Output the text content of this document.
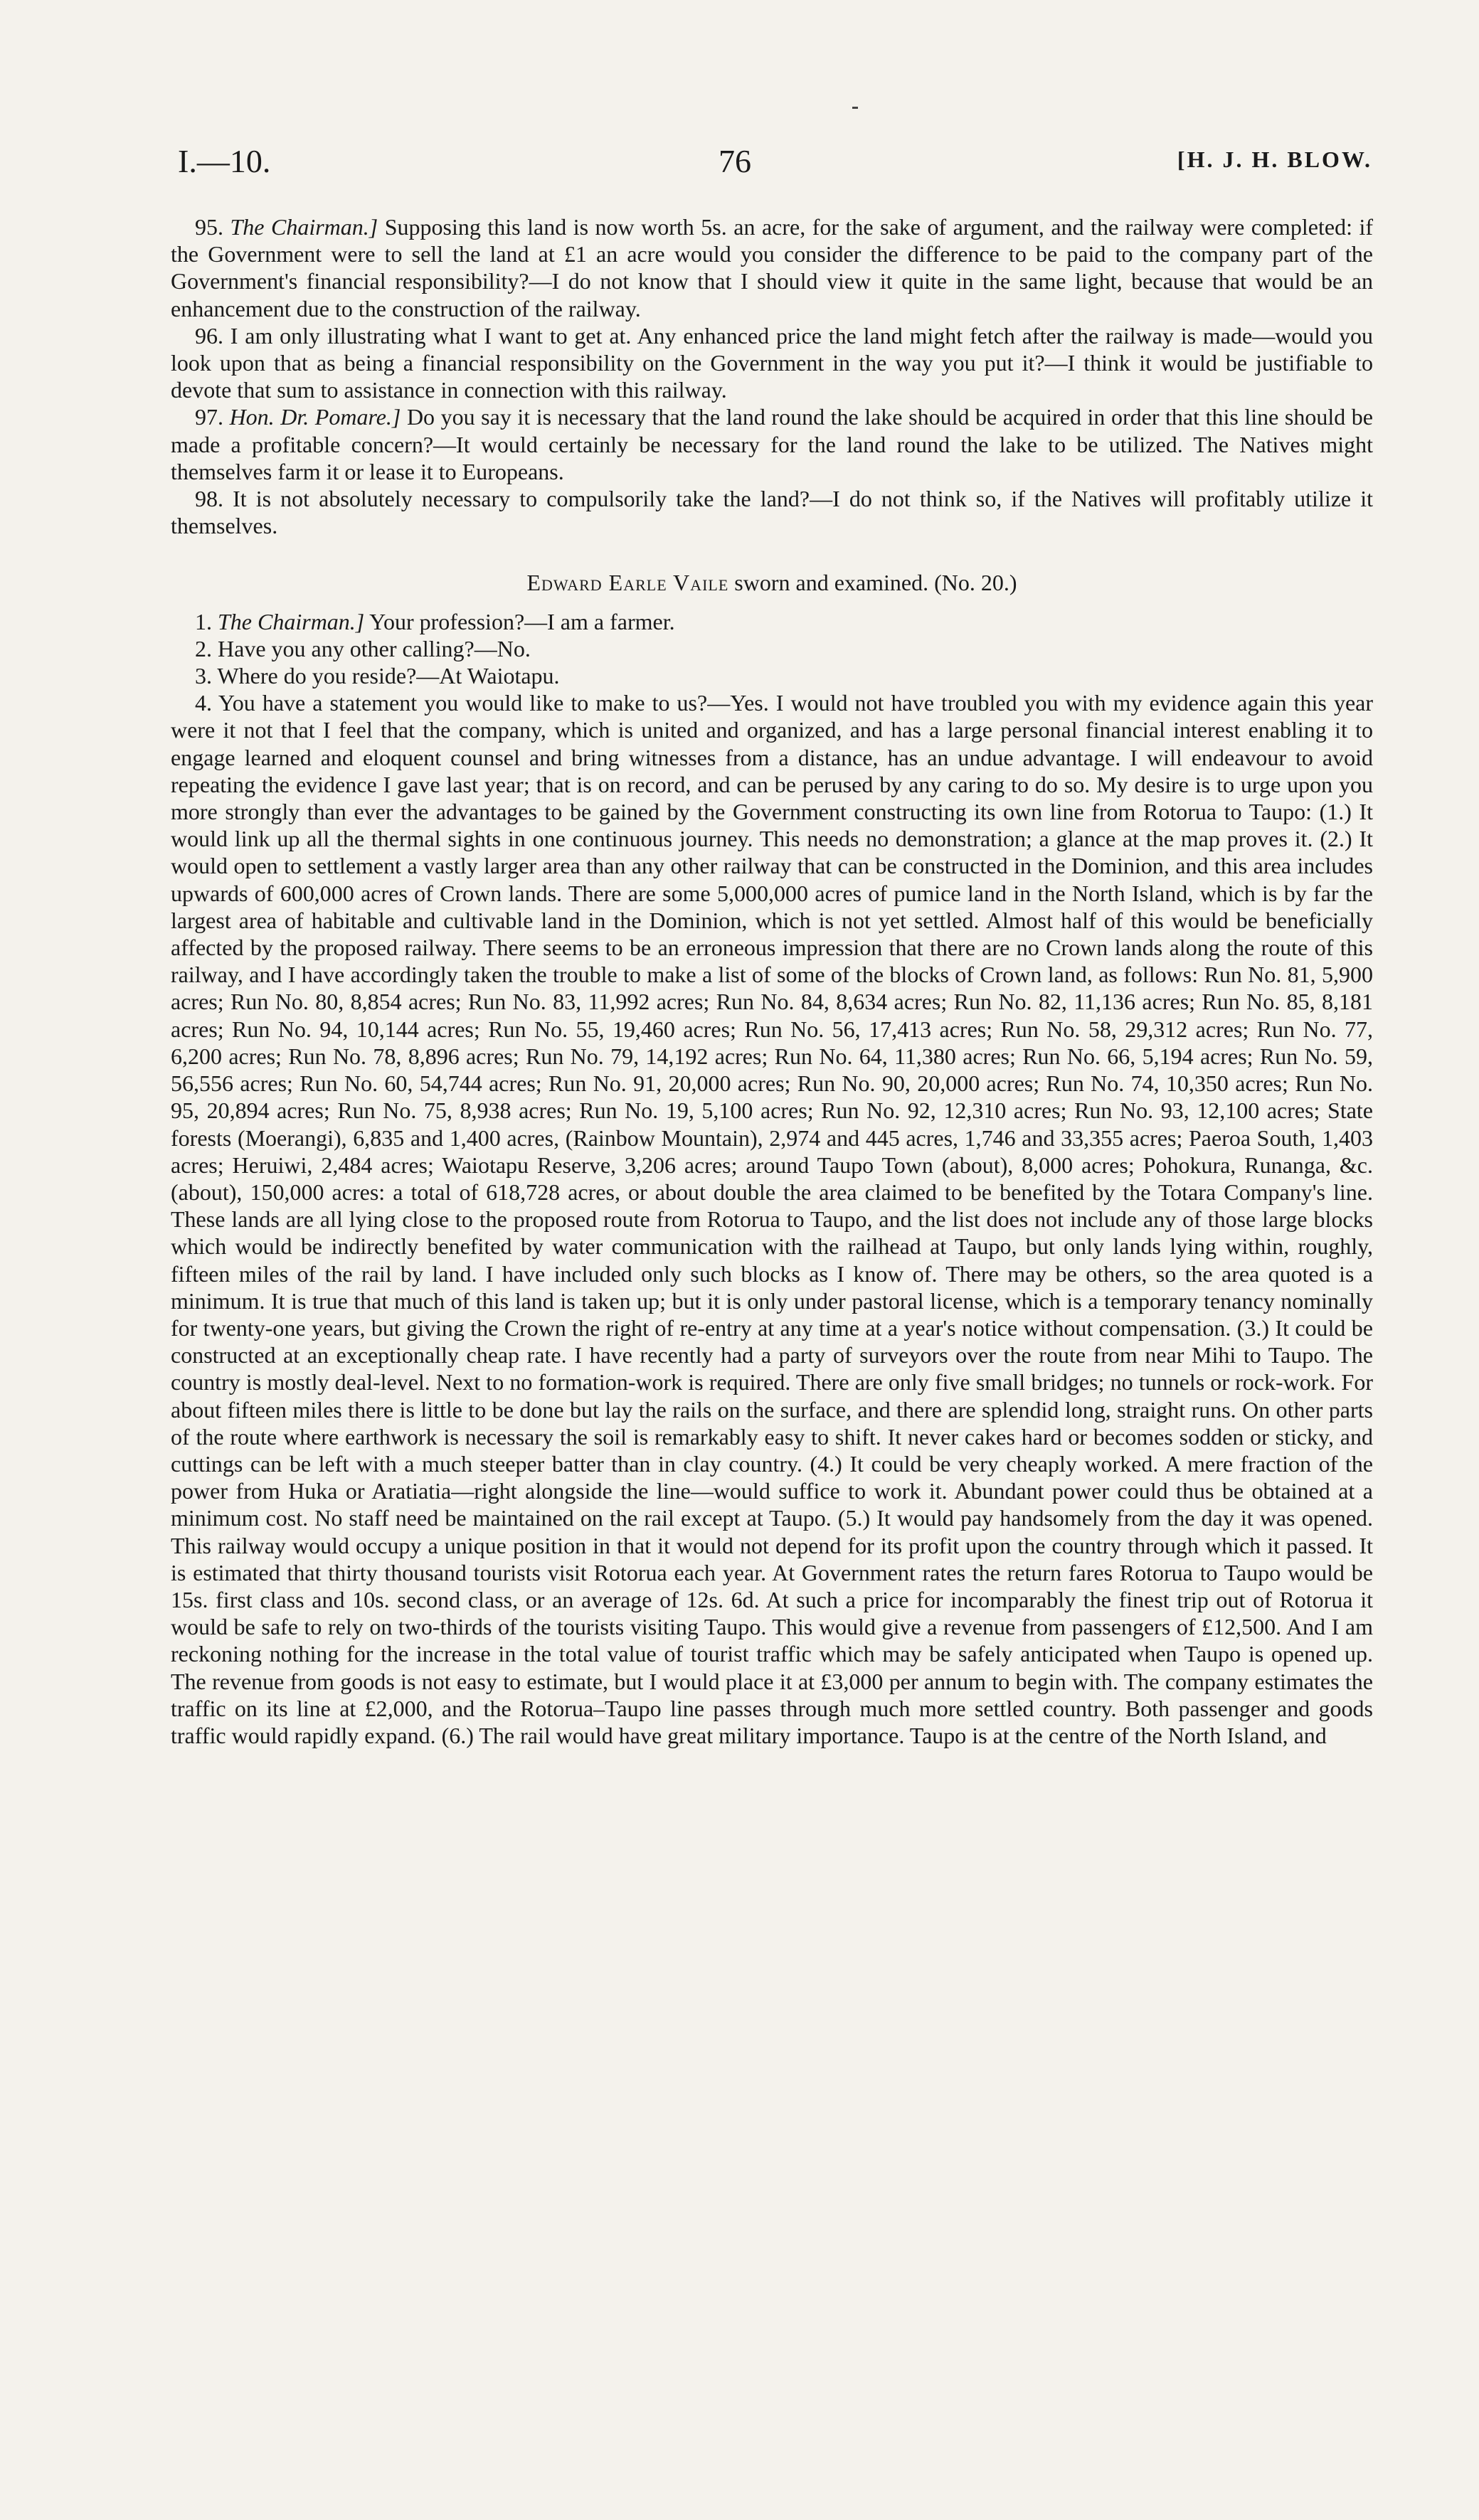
I.—10.	76	[H. J. H. BLOW.

95. The Chairman.] Supposing this land is now worth 5s. an acre, for the sake of argument, and the railway were completed: if the Government were to sell the land at £1 an acre would you consider the difference to be paid to the company part of the Government's financial responsibility?—I do not know that I should view it quite in the same light, because that would be an enhancement due to the construction of the railway.

96. I am only illustrating what I want to get at. Any enhanced price the land might fetch after the railway is made—would you look upon that as being a financial responsibility on the Government in the way you put it?—I think it would be justifiable to devote that sum to assistance in connection with this railway.

97. Hon. Dr. Pomare.] Do you say it is necessary that the land round the lake should be acquired in order that this line should be made a profitable concern?—It would certainly be necessary for the land round the lake to be utilized. The Natives might themselves farm it or lease it to Europeans.

98. It is not absolutely necessary to compulsorily take the land?—I do not think so, if the Natives will profitably utilize it themselves.

Edward Earle Vaile sworn and examined. (No. 20.)

1. The Chairman.] Your profession?—I am a farmer.

2. Have you any other calling?—No.

3. Where do you reside?—At Waiotapu.

4. You have a statement you would like to make to us?—Yes. I would not have troubled you with my evidence again this year were it not that I feel that the company, which is united and organized, and has a large personal financial interest enabling it to engage learned and eloquent counsel and bring witnesses from a distance, has an undue advantage. I will endeavour to avoid repeating the evidence I gave last year; that is on record, and can be perused by any caring to do so. My desire is to urge upon you more strongly than ever the advantages to be gained by the Government constructing its own line from Rotorua to Taupo: (1.) It would link up all the thermal sights in one continuous journey. This needs no demonstration; a glance at the map proves it. (2.) It would open to settlement a vastly larger area than any other railway that can be constructed in the Dominion, and this area includes upwards of 600,000 acres of Crown lands. There are some 5,000,000 acres of pumice land in the North Island, which is by far the largest area of habitable and cultivable land in the Dominion, which is not yet settled. Almost half of this would be beneficially affected by the proposed railway. There seems to be an erroneous impression that there are no Crown lands along the route of this railway, and I have accordingly taken the trouble to make a list of some of the blocks of Crown land, as follows: Run No. 81, 5,900 acres; Run No. 80, 8,854 acres; Run No. 83, 11,992 acres; Run No. 84, 8,634 acres; Run No. 82, 11,136 acres; Run No. 85, 8,181 acres; Run No. 94, 10,144 acres; Run No. 55, 19,460 acres; Run No. 56, 17,413 acres; Run No. 58, 29,312 acres; Run No. 77, 6,200 acres; Run No. 78, 8,896 acres; Run No. 79, 14,192 acres; Run No. 64, 11,380 acres; Run No. 66, 5,194 acres; Run No. 59, 56,556 acres; Run No. 60, 54,744 acres; Run No. 91, 20,000 acres; Run No. 90, 20,000 acres; Run No. 74, 10,350 acres; Run No. 95, 20,894 acres; Run No. 75, 8,938 acres; Run No. 19, 5,100 acres; Run No. 92, 12,310 acres; Run No. 93, 12,100 acres; State forests (Moerangi), 6,835 and 1,400 acres, (Rainbow Mountain), 2,974 and 445 acres, 1,746 and 33,355 acres; Paeroa South, 1,403 acres; Heruiwi, 2,484 acres; Waiotapu Reserve, 3,206 acres; around Taupo Town (about), 8,000 acres; Pohokura, Runanga, &c. (about), 150,000 acres: a total of 618,728 acres, or about double the area claimed to be benefited by the Totara Company's line. These lands are all lying close to the proposed route from Rotorua to Taupo, and the list does not include any of those large blocks which would be indirectly benefited by water communication with the railhead at Taupo, but only lands lying within, roughly, fifteen miles of the rail by land. I have included only such blocks as I know of. There may be others, so the area quoted is a minimum. It is true that much of this land is taken up; but it is only under pastoral license, which is a temporary tenancy nominally for twenty-one years, but giving the Crown the right of re-entry at any time at a year's notice without compensation. (3.) It could be constructed at an exceptionally cheap rate. I have recently had a party of surveyors over the route from near Mihi to Taupo. The country is mostly deal-level. Next to no formation-work is required. There are only five small bridges; no tunnels or rock-work. For about fifteen miles there is little to be done but lay the rails on the surface, and there are splendid long, straight runs. On other parts of the route where earthwork is necessary the soil is remarkably easy to shift. It never cakes hard or becomes sodden or sticky, and cuttings can be left with a much steeper batter than in clay country. (4.) It could be very cheaply worked. A mere fraction of the power from Huka or Aratiatia—right alongside the line—would suffice to work it. Abundant power could thus be obtained at a minimum cost. No staff need be maintained on the rail except at Taupo. (5.) It would pay handsomely from the day it was opened. This railway would occupy a unique position in that it would not depend for its profit upon the country through which it passed. It is estimated that thirty thousand tourists visit Rotorua each year. At Government rates the return fares Rotorua to Taupo would be 15s. first class and 10s. second class, or an average of 12s. 6d. At such a price for incomparably the finest trip out of Rotorua it would be safe to rely on two-thirds of the tourists visiting Taupo. This would give a revenue from passengers of £12,500. And I am reckoning nothing for the increase in the total value of tourist traffic which may be safely anticipated when Taupo is opened up. The revenue from goods is not easy to estimate, but I would place it at £3,000 per annum to begin with. The company estimates the traffic on its line at £2,000, and the Rotorua–Taupo line passes through much more settled country. Both passenger and goods traffic would rapidly expand. (6.) The rail would have great military importance. Taupo is at the centre of the North Island, and
